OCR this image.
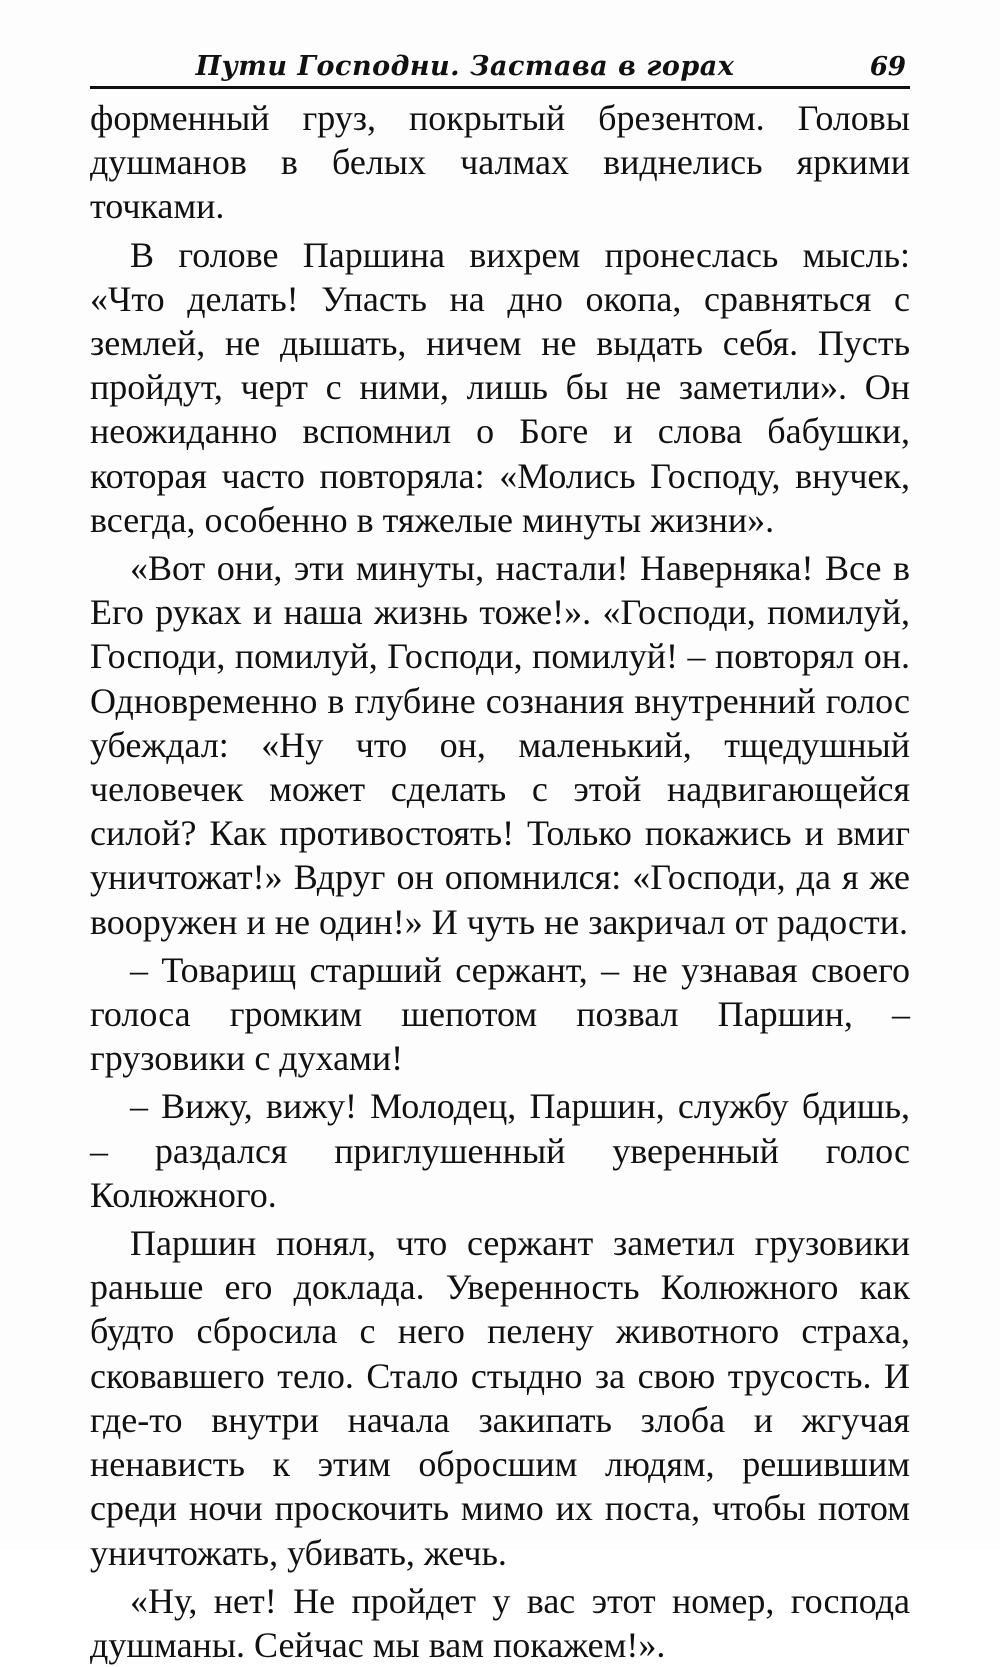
Пути Господни. Застава в горах	69

форменный груз, покрытый брезентом. Головы душманов в белых чалмах виднелись яркими точками.

В голове Паршина вихрем пронеслась мысль: «Что делать! Упасть на дно окопа, сравняться с землей, не дышать, ничем не выдать себя. Пусть пройдут, черт с ними, лишь бы не заметили». Он неожиданно вспомнил о Боге и слова бабушки, которая часто повторяла: «Молись Господу, внучек, всегда, особенно в тяжелые минуты жизни».

«Вот они, эти минуты, настали! Наверняка! Все в Его руках и наша жизнь тоже!». «Господи, помилуй, Господи, помилуй, Господи, помилуй! – повторял он. Одновременно в глубине сознания внутренний голос убеждал: «Ну что он, маленький, тщедушный человечек может сделать с этой надвигающейся силой? Как противостоять! Только покажись и вмиг уничтожат!» Вдруг он опомнился: «Господи, да я же вооружен и не один!» И чуть не закричал от радости.

– Товарищ старший сержант, – не узнавая своего голоса громким шепотом позвал Паршин, – грузовики с духами!

– Вижу, вижу! Молодец, Паршин, службу бдишь, – раздался приглушенный уверенный голос Колюжного.

Паршин понял, что сержант заметил грузовики раньше его доклада. Уверенность Колюжного как будто сбросила с него пелену животного страха, сковавшего тело. Стало стыдно за свою трусость. И где-то внутри начала закипать злоба и жгучая ненависть к этим обросшим людям, решившим среди ночи проскочить мимо их поста, чтобы потом уничтожать, убивать, жечь.

«Ну, нет! Не пройдет у вас этот номер, господа душманы. Сейчас мы вам покажем!».
